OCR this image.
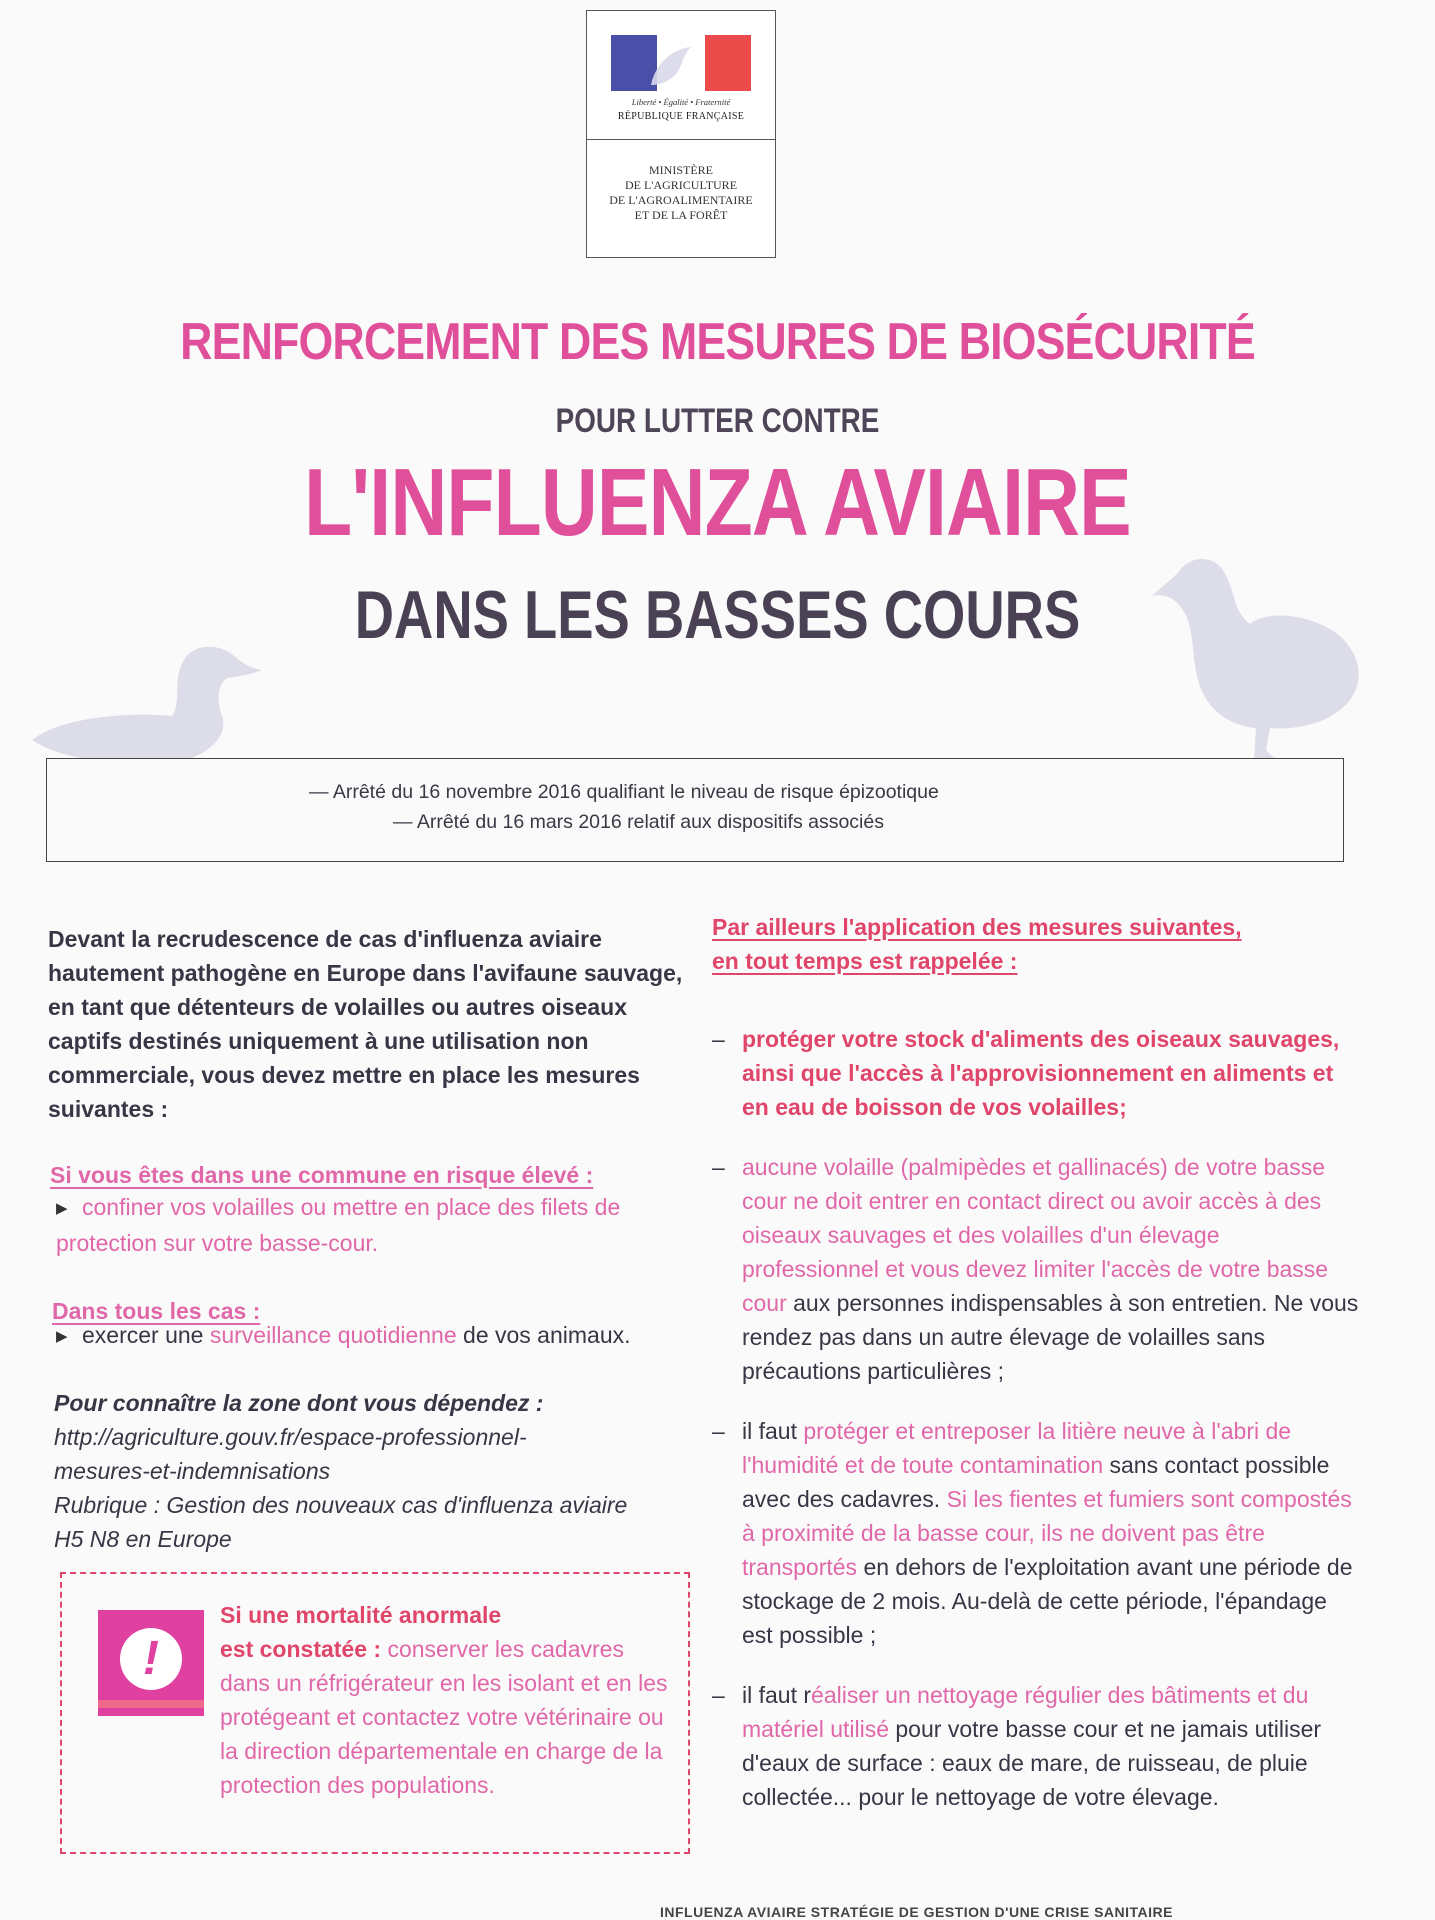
Liberté • Égalité • Fraternité
RÉPUBLIQUE FRANÇAISE
MINISTÈRE
DE L'AGRICULTURE
DE L'AGROALIMENTAIRE
ET DE LA FORÊT
RENFORCEMENT DES MESURES DE BIOSÉCURITÉ
POUR LUTTER CONTRE
L'INFLUENZA AVIAIRE
DANS LES BASSES COURS
— Arrêté du 16 novembre 2016 qualifiant le niveau de risque épizootique
— Arrêté du 16 mars 2016 relatif aux dispositifs associés
Devant la recrudescence de cas d'influenza aviaire hautement pathogène en Europe dans l'avifaune sauvage, en tant que détenteurs de volailles ou autres oiseaux captifs destinés uniquement à une utilisation non commerciale, vous devez mettre en place les mesures suivantes :
Si vous êtes dans une commune en risque élevé :
▶ confiner vos volailles ou mettre en place des filets de protection sur votre basse-cour.
Dans tous les cas :
▶ exercer une surveillance quotidienne de vos animaux.
Pour connaître la zone dont vous dépendez :
http://agriculture.gouv.fr/espace-professionnel-
mesures-et-indemnisations
Rubrique : Gestion des nouveaux cas d'influenza aviaire
H5 N8 en Europe
!
Si une mortalité anormale
est constatée : conserver les cadavres dans un réfrigérateur en les isolant et en les protégeant et contactez votre vétérinaire ou la direction départementale en charge de la protection des populations.
Par ailleurs l'application des mesures suivantes,
en tout temps est rappelée :
– protéger votre stock d'aliments des oiseaux sauvages, ainsi que l'accès à l'approvisionnement en aliments et en eau de boisson de vos volailles;
– aucune volaille (palmipèdes et gallinacés) de votre basse cour ne doit entrer en contact direct ou avoir accès à des oiseaux sauvages et des volailles d'un élevage professionnel et vous devez limiter l'accès de votre basse cour aux personnes indispensables à son entretien. Ne vous rendez pas dans un autre élevage de volailles sans précautions particulières ;
– il faut protéger et entreposer la litière neuve à l'abri de l'humidité et de toute contamination sans contact possible avec des cadavres. Si les fientes et fumiers sont compostés à proximité de la basse cour, ils ne doivent pas être transportés en dehors de l'exploitation avant une période de stockage de 2 mois. Au-delà de cette période, l'épandage est possible ;
– il faut réaliser un nettoyage régulier des bâtiments et du matériel utilisé pour votre basse cour et ne jamais utiliser d'eaux de surface : eaux de mare, de ruisseau, de pluie collectée... pour le nettoyage de votre élevage.
INFLUENZA AVIAIRE STRATÉGIE DE GESTION D'UNE CRISE SANITAIRE
